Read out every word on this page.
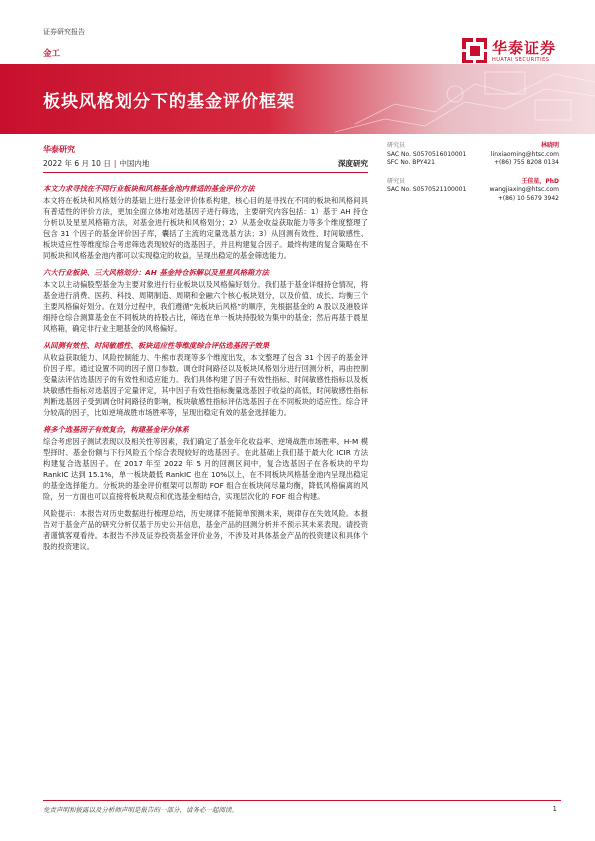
证券研究报告
金工	华泰证券
HUATAI SECURITIES
板块风格划分下的基金评价框架
华泰研究
2022 年 6 月 10 日 | 中国内地	深度研究
研究员	林晓明
SAC No. S0570516010001	linxiaoming@htsc.com
SFC No. BPY421	+(86) 755 8208 0134
研究员	王佳星，PhD
SAC No. S0570521100001	wangjiaxing@htsc.com
+(86) 10 5679 3942
本文力求寻找在不同行业板块和风格基金池内普适的基金评价方法
本文将在板块和风格划分的基础上进行基金评价体系构建，核心目的是寻找在不同的板块和风格间具有普适性的评价方法，更加全面立体地对选基因子进行筛选，主要研究内容包括：1）基于 AH 持仓分析以及星星风格箱方法，对基金进行板块和风格划分；2）从基金收益获取能力等多个维度整理了包含 31 个因子的基金评价因子库，囊括了主流的定量选基方法；3）从回测有效性、时间敏感性、板块适应性等维度综合考虑筛选表现较好的选基因子，并且构建复合因子。最终构建的复合策略在不同板块和风格基金池内都可以实现稳定的收益，呈现出稳定的基金筛选能力。
六大行业板块、三大风格划分：AH 基金持仓拆解以及星星风格箱方法
本文以主动偏股型基金为主要对象进行行业板块以及风格偏好划分。我们基于基金详细持仓情况，将基金进行消费、医药、科技、周期制造、周期和金融六个核心板块划分，以及价值、成长、均衡三个主要风格偏好划分。在划分过程中，我们遵循“先板块后风格”的顺序，先根据基金的 A 股以及港股详细持仓综合测算基金在不同板块的持股占比，筛选在单一板块持股较为集中的基金；然后再基于晨星风格箱，确定非行业主题基金的风格偏好。
从回测有效性、时间敏感性、板块适应性等维度综合评估选基因子效果
从收益获取能力、风险控制能力、牛熊市表现等多个维度出发，本文整理了包含 31 个因子的基金评价因子库。通过设置不同的因子窗口参数、调仓时间路径以及板块风格划分进行回测分析，再由控制变量法评估选基因子的有效性和适应能力。我们具体构建了因子有效性指标、时间敏感性指标以及板块敏感性指标对选基因子定量评定，其中因子有效性指标衡量选基因子收益的高低，时间敏感性指标判断选基因子受到调仓时间路径的影响，板块敏感性指标评估选基因子在不同板块的适应性。综合评分较高的因子，比如逆境战胜市场胜率等，呈现出稳定有效的基金选择能力。
将多个选基因子有效复合，构建基金评分体系
综合考虑因子测试表现以及相关性等因素，我们确定了基金年化收益率、逆境战胜市场胜率、H-M 模型择时、基金份额与下行风险五个综合表现较好的选基因子。在此基础上我们基于最大化 ICIR 方法构建复合选基因子。在 2017 年至 2022 年 5 月的回测区间中，复合选基因子在各板块的平均 RankIC 达到 15.1%，单一板块最低 RankIC 也在 10%以上，在不同板块风格基金池内呈现出稳定的基金选择能力。分板块的基金评价框架可以帮助 FOF 组合在板块间尽量均衡，降低风格偏离的风险，另一方面也可以直接将板块观点和优选基金相结合，实现层次化的 FOF 组合构建。
风险提示：本报告对历史数据进行梳理总结，历史规律不能简单预测未来，规律存在失效风险。本报告对于基金产品的研究分析仅基于历史公开信息，基金产品的回测分析并不预示其未来表现。请投资者谨慎客观看待。本报告不涉及证券投资基金评价业务，不涉及对具体基金产品的投资建议和具体个股的投资建议。
免责声明和披露以及分析师声明是报告的一部分，请务必一起阅读。	1
